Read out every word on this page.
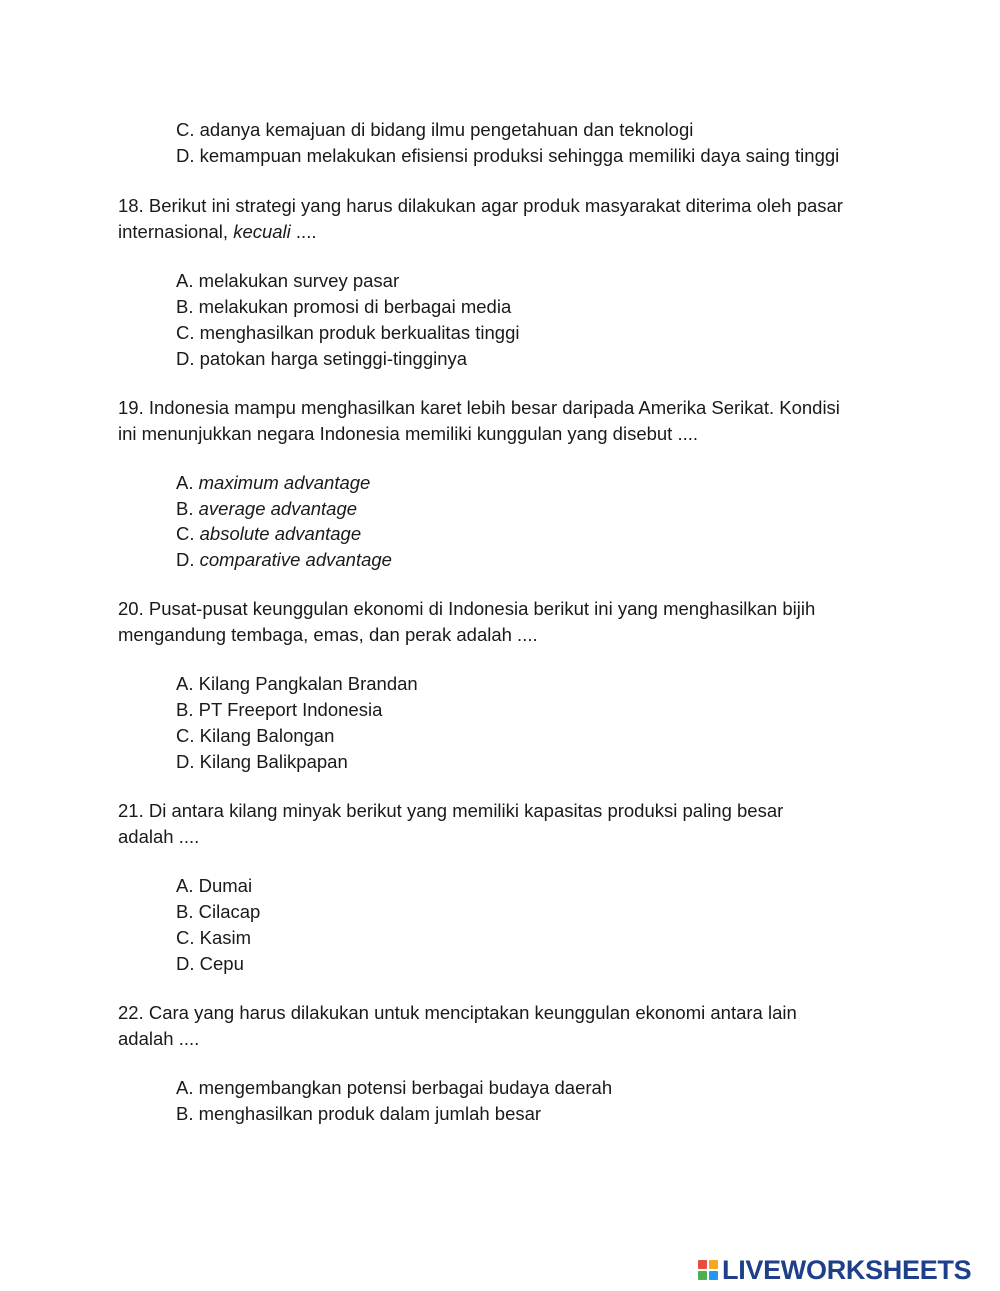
C. adanya kemajuan di bidang ilmu pengetahuan dan teknologi
D. kemampuan melakukan efisiensi produksi sehingga memiliki daya saing tinggi
18. Berikut ini strategi yang harus dilakukan agar produk masyarakat diterima oleh pasar
internasional, kecuali ....
A. melakukan survey pasar
B. melakukan promosi di berbagai media
C. menghasilkan produk berkualitas tinggi
D. patokan harga setinggi-tingginya
19. Indonesia mampu menghasilkan karet lebih besar daripada Amerika Serikat. Kondisi
ini menunjukkan negara Indonesia memiliki kunggulan yang disebut ....
A. maximum advantage
B. average advantage
C. absolute advantage
D. comparative advantage
20. Pusat-pusat keunggulan ekonomi di Indonesia berikut ini yang menghasilkan bijih
mengandung tembaga, emas, dan perak adalah ....
A. Kilang Pangkalan Brandan
B. PT Freeport Indonesia
C. Kilang Balongan
D. Kilang Balikpapan
21. Di antara kilang minyak berikut yang memiliki kapasitas produksi paling besar
adalah ....
A. Dumai
B. Cilacap
C. Kasim
D. Cepu
22. Cara yang harus dilakukan untuk menciptakan keunggulan ekonomi antara lain
adalah ....
A. mengembangkan potensi berbagai budaya daerah
B. menghasilkan produk dalam jumlah besar
LIVEWORKSHEETS
